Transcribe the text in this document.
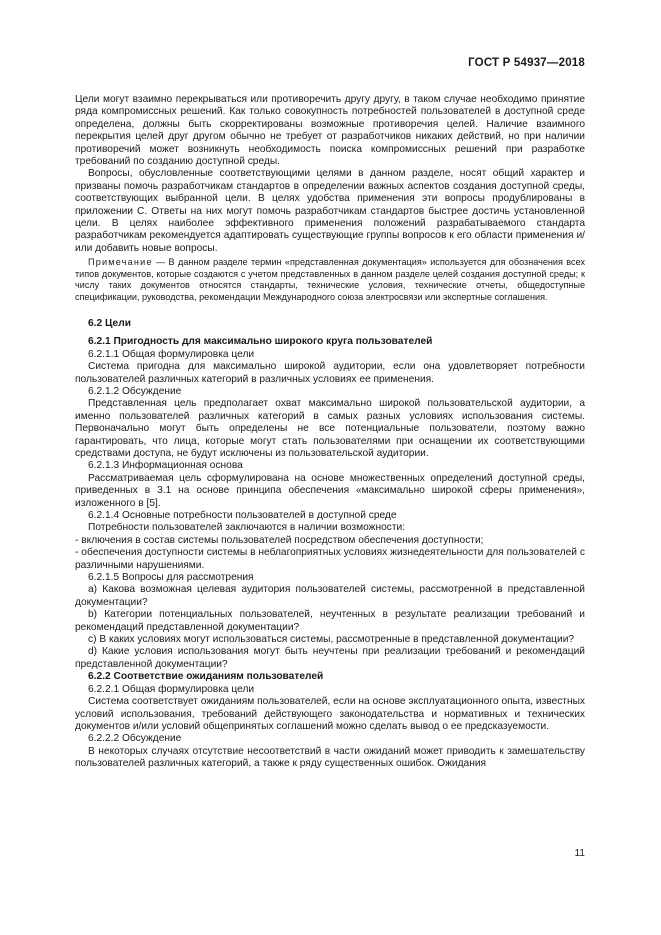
ГОСТ Р 54937—2018

Цели могут взаимно перекрываться или противоречить другу другу, в таком случае необходимо принятие ряда компромиссных решений. Как только совокупность потребностей пользователей в доступной среде определена, должны быть скорректированы возможные противоречия целей. Наличие взаимного перекрытия целей друг другом обычно не требует от разработчиков никаких действий, но при наличии противоречий может возникнуть необходимость поиска компромиссных решений при разработке требований по созданию доступной среды.

Вопросы, обусловленные соответствующими целями в данном разделе, носят общий характер и призваны помочь разработчикам стандартов в определении важных аспектов создания доступной среды, соответствующих выбранной цели. В целях удобства применения эти вопросы продублированы в приложении С. Ответы на них могут помочь разработчикам стандартов быстрее достичь установленной цели. В целях наиболее эффективного применения положений разрабатываемого стандарта разработчикам рекомендуется адаптировать существующие группы вопросов к его области применения и/или добавить новые вопросы.

Примечание — В данном разделе термин «представленная документация» используется для обозначения всех типов документов, которые создаются с учетом представленных в данном разделе целей создания доступной среды; к числу таких документов относятся стандарты, технические условия, технические отчеты, общедоступные спецификации, руководства, рекомендации Международного союза электросвязи или экспертные соглашения.

6.2 Цели

6.2.1 Пригодность для максимально широкого круга пользователей

6.2.1.1 Общая формулировка цели

Система пригодна для максимально широкой аудитории, если она удовлетворяет потребности пользователей различных категорий в различных условиях ее применения.

6.2.1.2 Обсуждение

Представленная цель предполагает охват максимально широкой пользовательской аудитории, а именно пользователей различных категорий в самых разных условиях использования системы. Первоначально могут быть определены не все потенциальные пользователи, поэтому важно гарантировать, что лица, которые могут стать пользователями при оснащении их соответствующими средствами доступа, не будут исключены из пользовательской аудитории.

6.2.1.3 Информационная основа

Рассматриваемая цель сформулирована на основе множественных определений доступной среды, приведенных в 3.1 на основе принципа обеспечения «максимально широкой сферы применения», изложенного в [5].

6.2.1.4 Основные потребности пользователей в доступной среде

Потребности пользователей заключаются в наличии возможности:

- включения в состав системы пользователей посредством обеспечения доступности;

- обеспечения доступности системы в неблагоприятных условиях жизнедеятельности для пользователей с различными нарушениями.

6.2.1.5 Вопросы для рассмотрения

a) Какова возможная целевая аудитория пользователей системы, рассмотренной в представленной документации?

b) Категории потенциальных пользователей, неучтенных в результате реализации требований и рекомендаций представленной документации?

c) В каких условиях могут использоваться системы, рассмотренные в представленной документации?

d) Какие условия использования могут быть неучтены при реализации требований и рекомендаций представленной документации?

6.2.2 Соответствие ожиданиям пользователей

6.2.2.1 Общая формулировка цели

Система соответствует ожиданиям пользователей, если на основе эксплуатационного опыта, известных условий использования, требований действующего законодательства и нормативных и технических документов и/или условий общепринятых соглашений можно сделать вывод о ее предсказуемости.

6.2.2.2 Обсуждение

В некоторых случаях отсутствие несоответствий в части ожиданий может приводить к замешательству пользователей различных категорий, а также к ряду существенных ошибок. Ожидания

11
